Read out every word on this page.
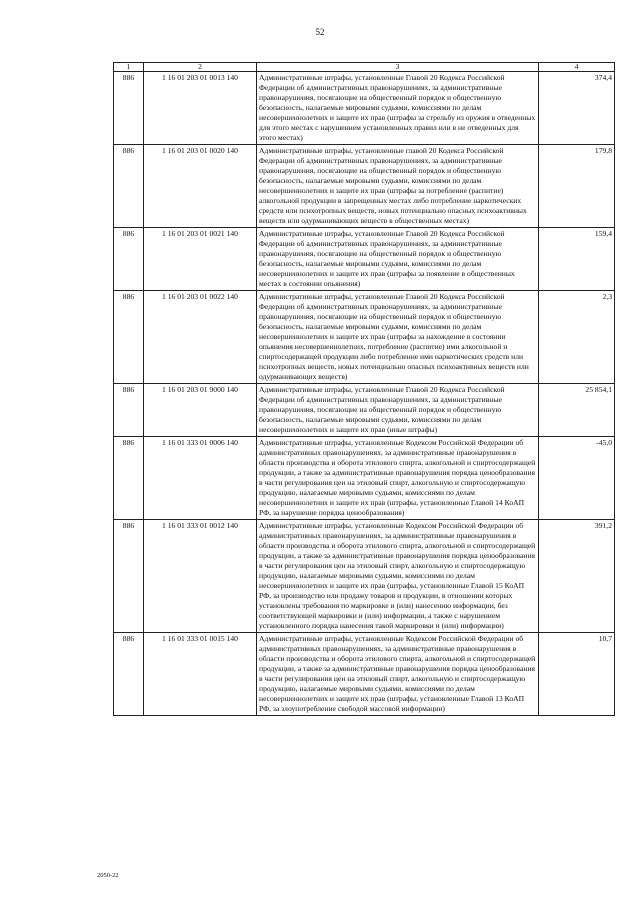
52
1	2	3	4
886	1 16 01 203 01 0013 140	Административные штрафы, установленные Главой 20 Кодекса Российской Федерации об административных правонарушениях, за административные правонарушения, посягающие на общественный порядок и общественную безопасность, налагаемые мировыми судьями, комиссиями по делам несовершеннолетних и защите их прав (штрафы за стрельбу из оружия в отведенных для этого местах с нарушением установленных правил или в не отведенных для этого местах)	374,4
886	1 16 01 203 01 0020 140	Административные штрафы, установленные главой 20 Кодекса Российской Федерации об административных правонарушениях, за административные правонарушения, посягающие на общественный порядок и общественную безопасность, налагаемые мировыми судьями, комиссиями по делам несовершеннолетних и защите их прав (штрафы за потребление (распитие) алкогольной продукции в запрещенных местах либо потребление наркотических средств или психотропных веществ, новых потенциально опасных психоактивных веществ или одурманивающих веществ в общественных местах)	179,8
886	1 16 01 203 01 0021 140	Административные штрафы, установленные Главой 20 Кодекса Российской Федерации об административных правонарушениях, за административные правонарушения, посягающие на общественный порядок и общественную безопасность, налагаемые мировыми судьями, комиссиями по делам несовершеннолетних и защите их прав (штрафы за появление в общественных местах в состоянии опьянения)	159,4
886	1 16 01 203 01 0022 140	Административные штрафы, установленные Главой 20 Кодекса Российской Федерации об административных правонарушениях, за административные правонарушения, посягающие на общественный порядок и общественную безопасность, налагаемые мировыми судьями, комиссиями по делам несовершеннолетних и защите их прав (штрафы за нахождение в состоянии опьянения несовершеннолетних, потребление (распитие) ими алкогольной и спиртосодержащей продукции либо потребление ими наркотических средств или психотропных веществ, новых потенциально опасных психоактивных веществ или одурманивающих веществ)	2,3
886	1 16 01 203 01 9000 140	Административные штрафы, установленные Главой 20 Кодекса Российской Федерации об административных правонарушениях, за административные правонарушения, посягающие на общественный порядок и общественную безопасность, налагаемые мировыми судьями, комиссиями по делам несовершеннолетних и защите их прав (иные штрафы)	25 854,1
886	1 16 01 333 01 0006 140	Административные штрафы, установленные Кодексом Российской Федерации об административных правонарушениях, за административные правонарушения в области производства и оборота этилового спирта, алкогольной и спиртосодержащей продукции, а также за административные правонарушения порядка ценообразования в части регулирования цен на этиловый спирт, алкогольную и спиртосодержащую продукцию, налагаемые мировыми судьями, комиссиями по делам несовершеннолетних и защите их прав (штрафы, установленные Главой 14 КоАП РФ, за нарушение порядка ценообразования)	-45,0
886	1 16 01 333 01 0012 140	Административные штрафы, установленные Кодексом Российской Федерации об административных правонарушениях, за административные правонарушения в области производства и оборота этилового спирта, алкогольной и спиртосодержащей продукции, а также за административные правонарушения порядка ценообразования в части регулирования цен на этиловый спирт, алкогольную и спиртосодержащую продукцию, налагаемые мировыми судьями, комиссиями по делам несовершеннолетних и защите их прав (штрафы, установленные Главой 15 КоАП РФ, за производство или продажу товаров и продукции, в отношении которых установлены требования по маркировке и (или) нанесению информации, без соответствующей маркировки и (или) информации, а также с нарушением установленного порядка нанесения такой маркировки и (или) информации)	391,2
886	1 16 01 333 01 0015 140	Административные штрафы, установленные Кодексом Российской Федерации об административных правонарушениях, за административные правонарушения в области производства и оборота этилового спирта, алкогольной и спиртосодержащей продукции, а также за административные правонарушения порядка ценообразования в части регулирования цен на этиловый спирт, алкогольную и спиртосодержащую продукцию, налагаемые мировыми судьями, комиссиями по делам несовершеннолетних и защите их прав (штрафы, установленные Главой 13 КоАП РФ, за злоупотребление свободой массовой информации)	10,7
2050-22
